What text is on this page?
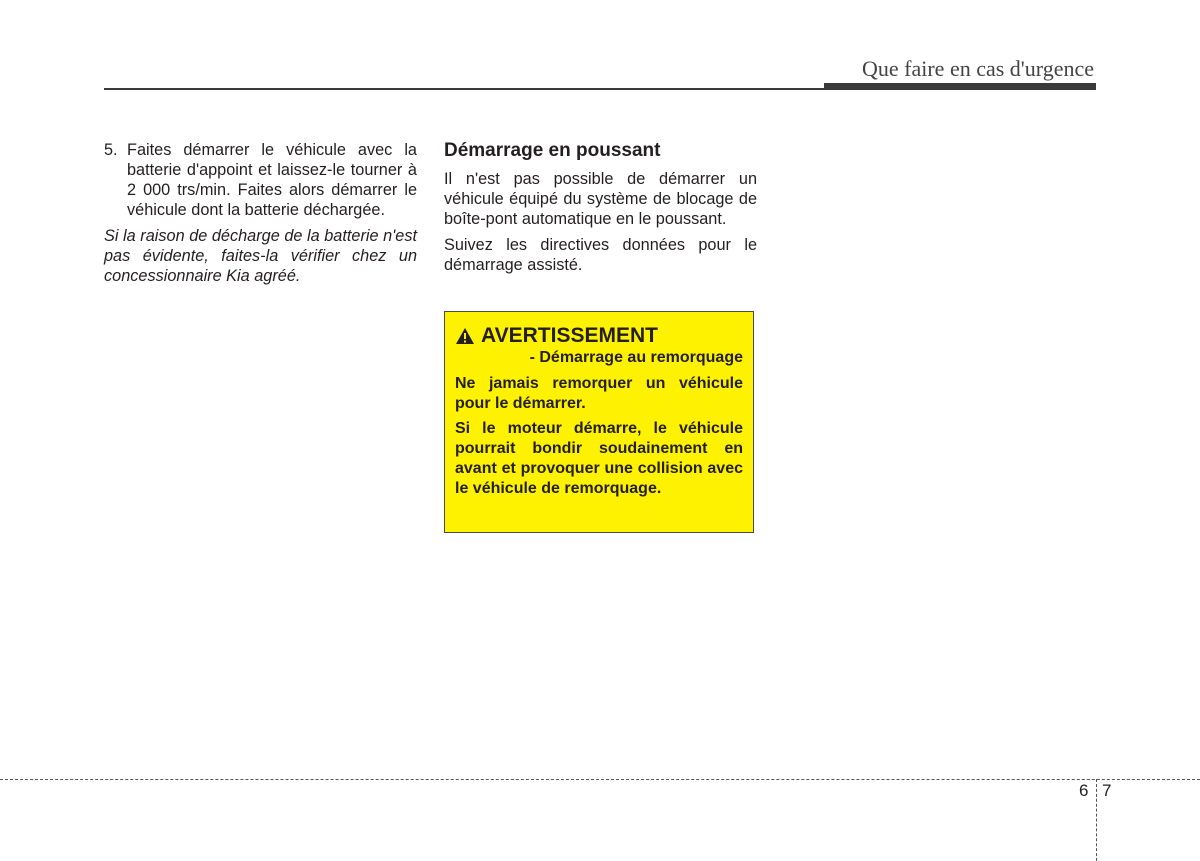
Que faire en cas d'urgence
5. Faites démarrer le véhicule avec la batterie d'appoint et laissez-le tourner à 2 000 trs/min. Faites alors démarrer le véhicule dont la batterie déchargée.

Si la raison de décharge de la batterie n'est pas évidente, faites-la vérifier chez un concessionnaire Kia agréé.

Démarrage en poussant

Il n'est pas possible de démarrer un véhicule équipé du système de blocage de boîte-pont automatique en le poussant.

Suivez les directives données pour le démarrage assisté.

AVERTISSEMENT
- Démarrage au remorquage

Ne jamais remorquer un véhicule pour le démarrer.

Si le moteur démarre, le véhicule pourrait bondir soudainement en avant et provoquer une collision avec le véhicule de remorquage.

6 7
